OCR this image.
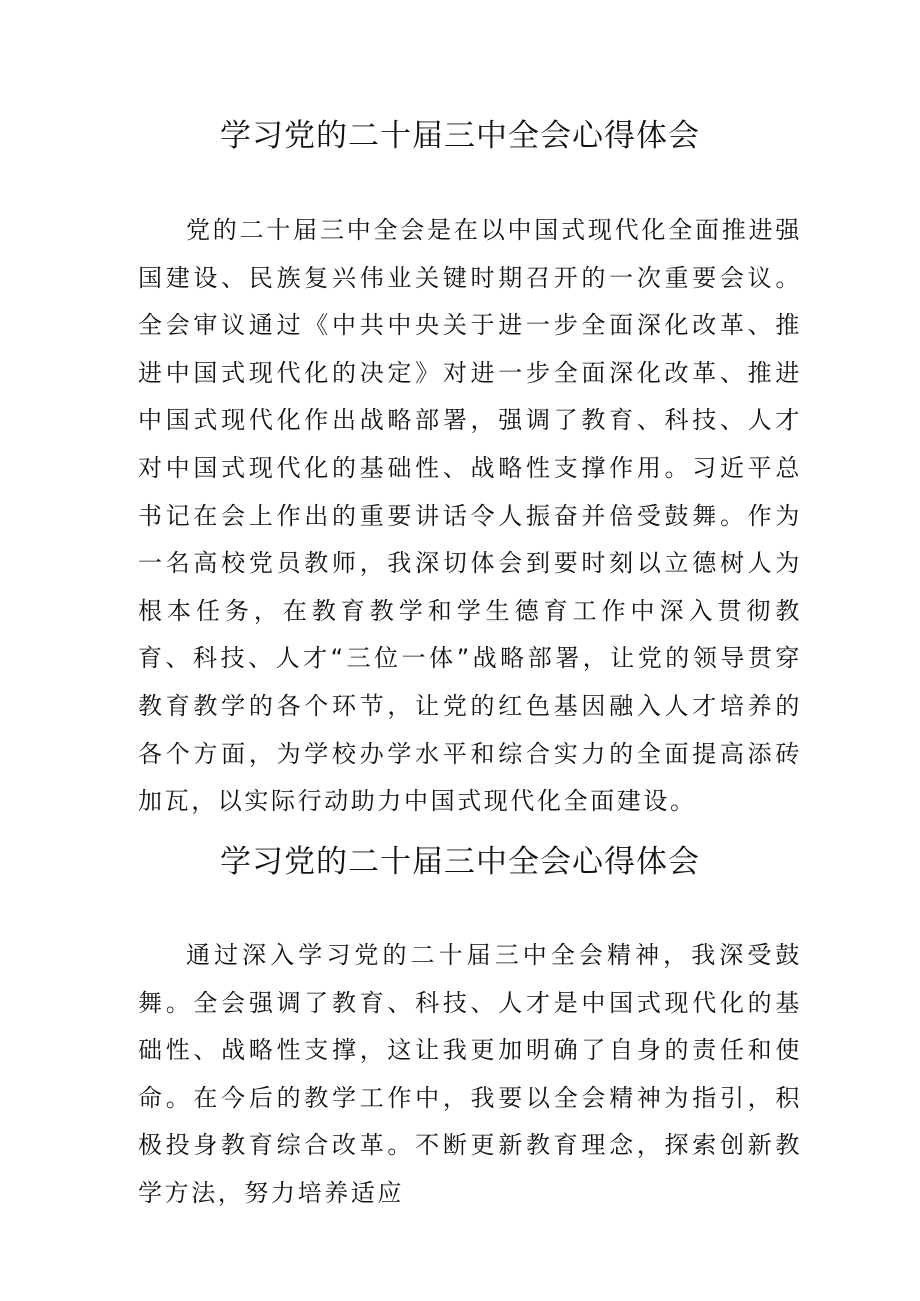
学习党的二十届三中全会心得体会

党的二十届三中全会是在以中国式现代化全面推进强国建设、民族复兴伟业关键时期召开的一次重要会议。全会审议通过《中共中央关于进一步全面深化改革、推进中国式现代化的决定》对进一步全面深化改革、推进中国式现代化作出战略部署，强调了教育、科技、人才对中国式现代化的基础性、战略性支撑作用。习近平总书记在会上作出的重要讲话令人振奋并倍受鼓舞。作为一名高校党员教师，我深切体会到要时刻以立德树人为根本任务，在教育教学和学生德育工作中深入贯彻教育、科技、人才“三位一体”战略部署，让党的领导贯穿教育教学的各个环节，让党的红色基因融入人才培养的各个方面，为学校办学水平和综合实力的全面提高添砖加瓦，以实际行动助力中国式现代化全面建设。

学习党的二十届三中全会心得体会

通过深入学习党的二十届三中全会精神，我深受鼓舞。全会强调了教育、科技、人才是中国式现代化的基础性、战略性支撑，这让我更加明确了自身的责任和使命。在今后的教学工作中，我要以全会精神为指引，积极投身教育综合改革。不断更新教育理念，探索创新教学方法，努力培养适应
